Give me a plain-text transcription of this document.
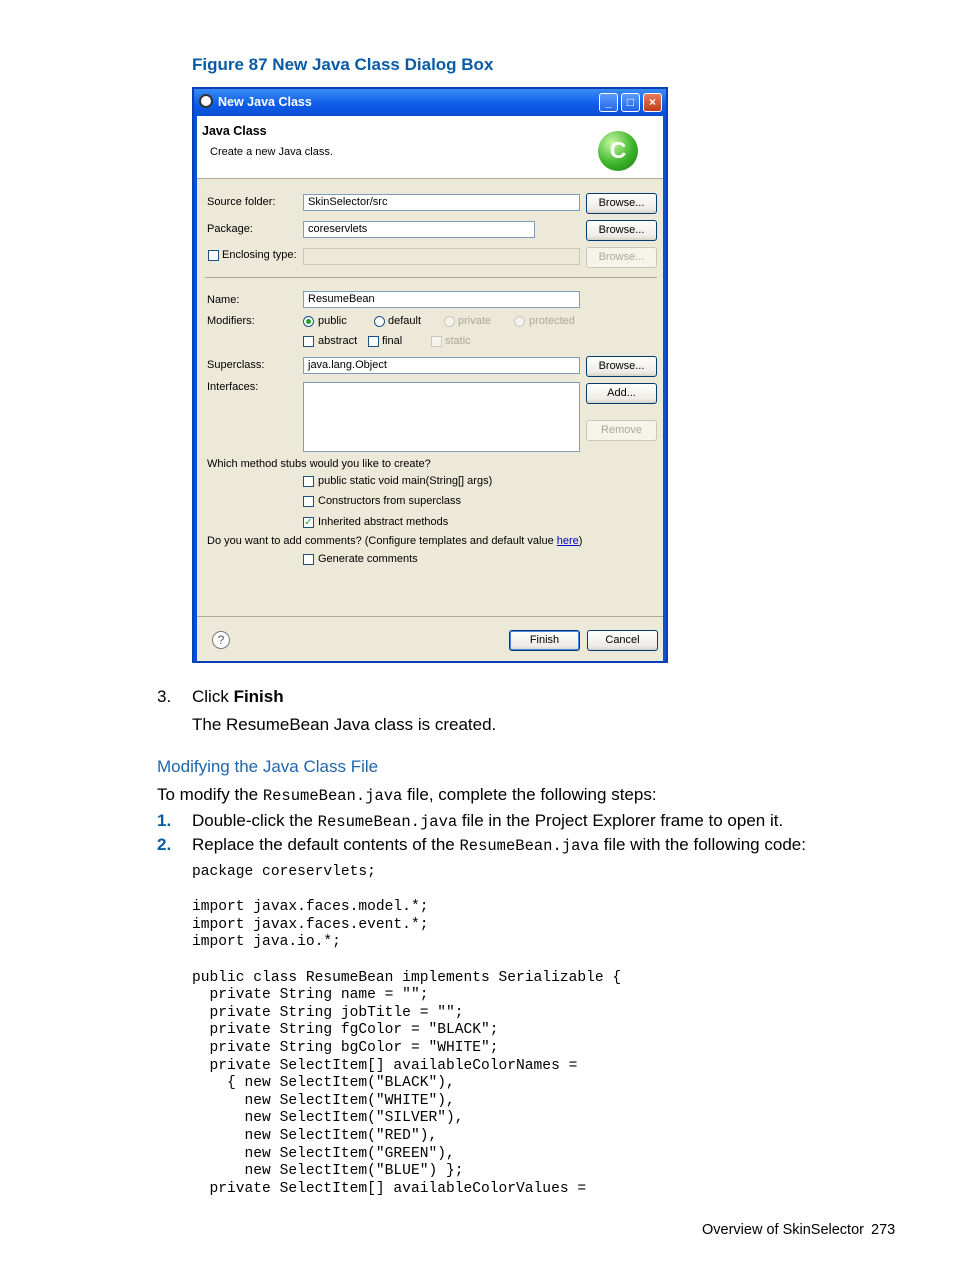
Figure 87 New Java Class Dialog Box
New Java Class	_	□	×
Java Class
Create a new Java class.	C
Source folder:	SkinSelector/src	Browse...
Package:	coreservlets	Browse...
Enclosing type:	Browse...
Name:	ResumeBean
Modifiers:	public	default	private	protected
abstract final	static
Superclass:	java.lang.Object	Browse...
Interfaces:	Add...
Remove
Which method stubs would you like to create?
public static void main(String[] args)
Constructors from superclass
✓ Inherited abstract methods
Do you want to add comments? (Configure templates and default value here)
Generate comments
?	Finish	Cancel
3. Click Finish
The ResumeBean Java class is created.
Modifying the Java Class File
To modify the ResumeBean.java file, complete the following steps:
1. Double-click the ResumeBean.java file in the Project Explorer frame to open it.
2. Replace the default contents of the ResumeBean.java file with the following code:
package coreservlets;

import javax.faces.model.*;
import javax.faces.event.*;
import java.io.*;

public class ResumeBean implements Serializable {
private String name = "";
private String jobTitle = "";
private String fgColor = "BLACK";
private String bgColor = "WHITE";
private SelectItem[] availableColorNames =
{ new SelectItem("BLACK"),
new SelectItem("WHITE"),
new SelectItem("SILVER"),
new SelectItem("RED"),
new SelectItem("GREEN"),
new SelectItem("BLUE") };
private SelectItem[] availableColorValues =
Overview of SkinSelector 273
